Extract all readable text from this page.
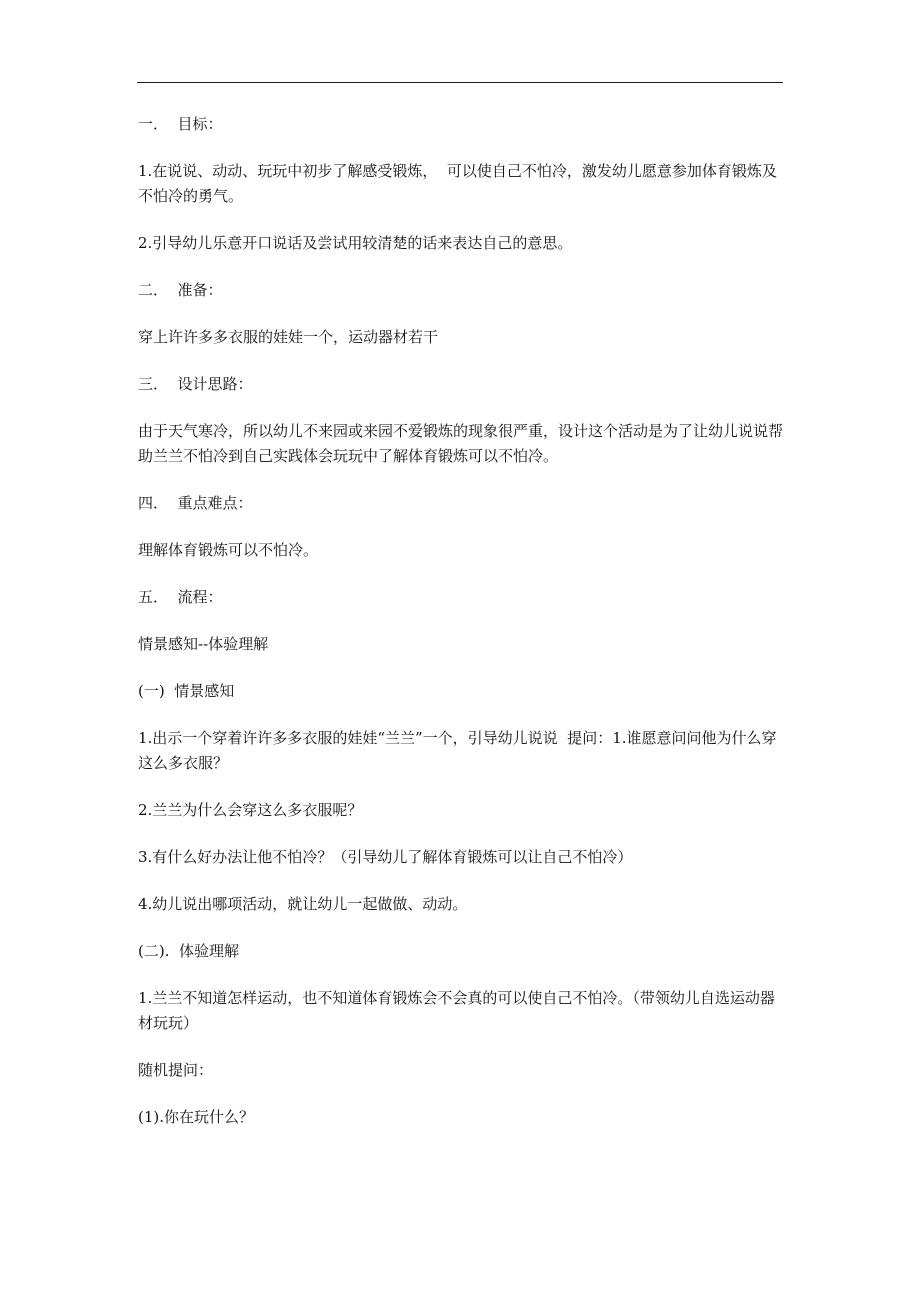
一．  目标：

1.在说说、动动、玩玩中初步了解感受锻炼，  可以使自己不怕冷，激发幼儿愿意参加体育锻炼及不怕冷的勇气。

2.引导幼儿乐意开口说话及尝试用较清楚的话来表达自己的意思。

二．  准备：

穿上许许多多衣服的娃娃一个，运动器材若干

三．  设计思路：

由于天气寒冷，所以幼儿不来园或来园不爱锻炼的现象很严重，设计这个活动是为了让幼儿说说帮助兰兰不怕冷到自己实践体会玩玩中了解体育锻炼可以不怕冷。

四．  重点难点：

理解体育锻炼可以不怕冷。

五．  流程：

情景感知--体验理解

(一)  情景感知

1.出示一个穿着许许多多衣服的娃娃“兰兰”一个，引导幼儿说说  提问：1.谁愿意问问他为什么穿这么多衣服？

2.兰兰为什么会穿这么多衣服呢？

3.有什么好办法让他不怕冷？（引导幼儿了解体育锻炼可以让自己不怕冷）

4.幼儿说出哪项活动，就让幼儿一起做做、动动。

(二).  体验理解

1.兰兰不知道怎样运动，也不知道体育锻炼会不会真的可以使自己不怕冷。（带领幼儿自选运动器材玩玩）

随机提问：

(1).你在玩什么？
